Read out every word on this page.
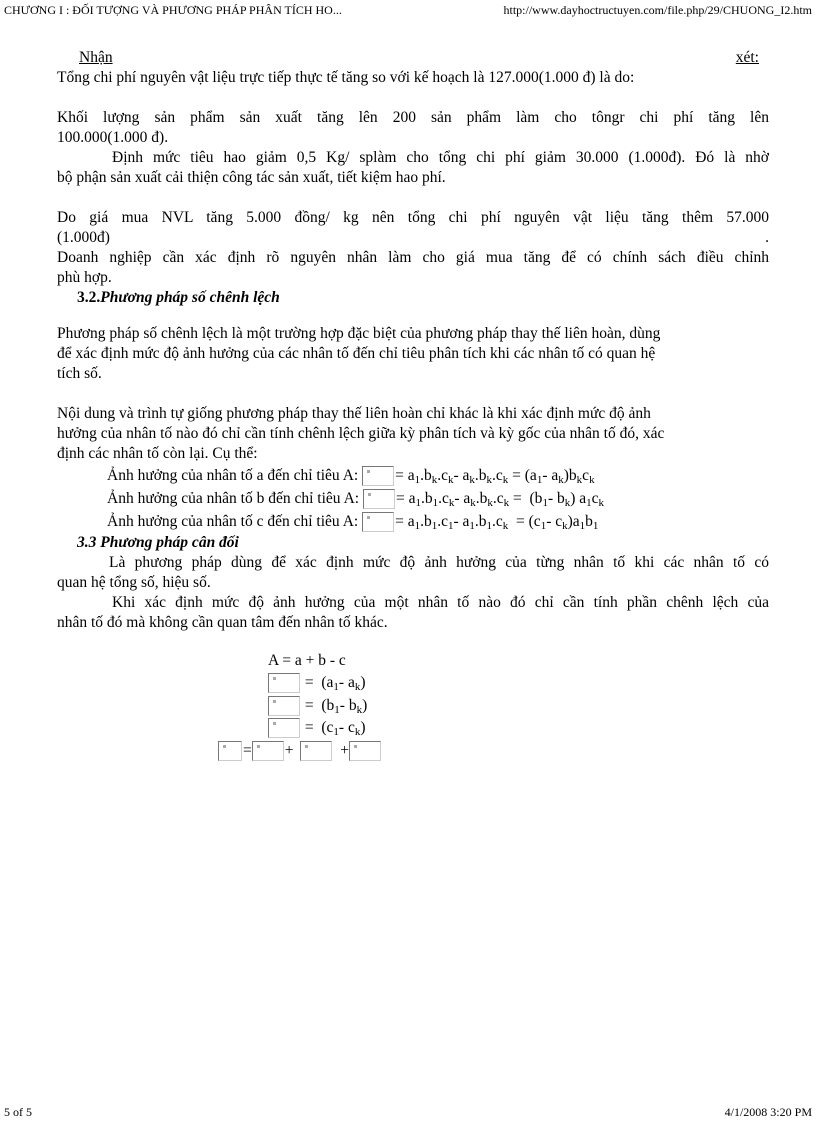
CHƯƠNG I : ĐỐI TƯỢNG VÀ PHƯƠNG PHÁP PHÂN TÍCH HO...	http://www.dayhoctructuyen.com/file.php/29/CHUONG_I2.htm
Nhận	xét:
Tổng chi phí nguyên vật liệu trực tiếp thực tế tăng so với kế hoạch là 127.000(1.000 đ) là do:
Khối lượng sản phẩm sản xuất tăng lên 200 sản phẩm làm cho tôngr chi phí tăng lên
100.000(1.000 đ).
Định mức tiêu hao giảm 0,5 Kg/ splàm cho tổng chi phí giảm 30.000 (1.000đ). Đó là nhờ
bộ phận sản xuất cải thiện công tác sản xuất, tiết kiệm hao phí.
Do giá mua NVL tăng 5.000 đồng/ kg nên tổng chi phí nguyên vật liệu tăng thêm 57.000
(1.000đ)	.
Doanh nghiệp cần xác định rõ nguyên nhân làm cho giá mua tăng để có chính sách điều chỉnh
phù hợp.
3.2.Phương pháp số chênh lệch
Phương pháp số chênh lệch là một trường hợp đặc biệt của phương pháp thay thế liên hoàn, dùng
để xác định mức độ ảnh hưởng của các nhân tố đến chỉ tiêu phân tích khi các nhân tố có quan hệ
tích số.
Nội dung và trình tự giống phương pháp thay thế liên hoàn chỉ khác là khi xác định mức độ ảnh
hưởng của nhân tố nào đó chỉ cần tính chênh lệch giữa kỳ phân tích và kỳ gốc của nhân tố đó, xác
định các nhân tố còn lại. Cụ thể:
Ảnh hưởng của nhân tố a đến chỉ tiêu A: = $a_1.b_k.c_k-$ $a_k.b_k.c_k = (a_1-$ $a_k)b_kc_k$
Ảnh hưởng của nhân tố b đến chỉ tiêu A: = $a_1.b_1.c_k-$ $a_k.b_k.c_k = (b_1-$ $b_k$) $a_1c_k$
Ảnh hưởng của nhân tố c đến chỉ tiêu A: = $a_1.b_1.c_1-$ $a_1.b_1.c_k = (c_1-$ $c_k)a_1b_1$
3.3 Phương pháp cân đối
Là phương pháp dùng để xác định mức độ ảnh hưởng của từng nhân tố khi các nhân tố có
quan hệ tổng số, hiệu số.
Khi xác định mức độ ảnh hưởng của một nhân tố nào đó chỉ cần tính phần chênh lệch của
nhân tố đó mà không cần quan tâm đến nhân tố khác.
A = a + b - c
=  ($a_1-$ $a_k$)
=  ($b_1-$ $b_k$)
=  ($c_1-$ $c_k$)
= +	+
5 of 5	4/1/2008 3:20 PM
